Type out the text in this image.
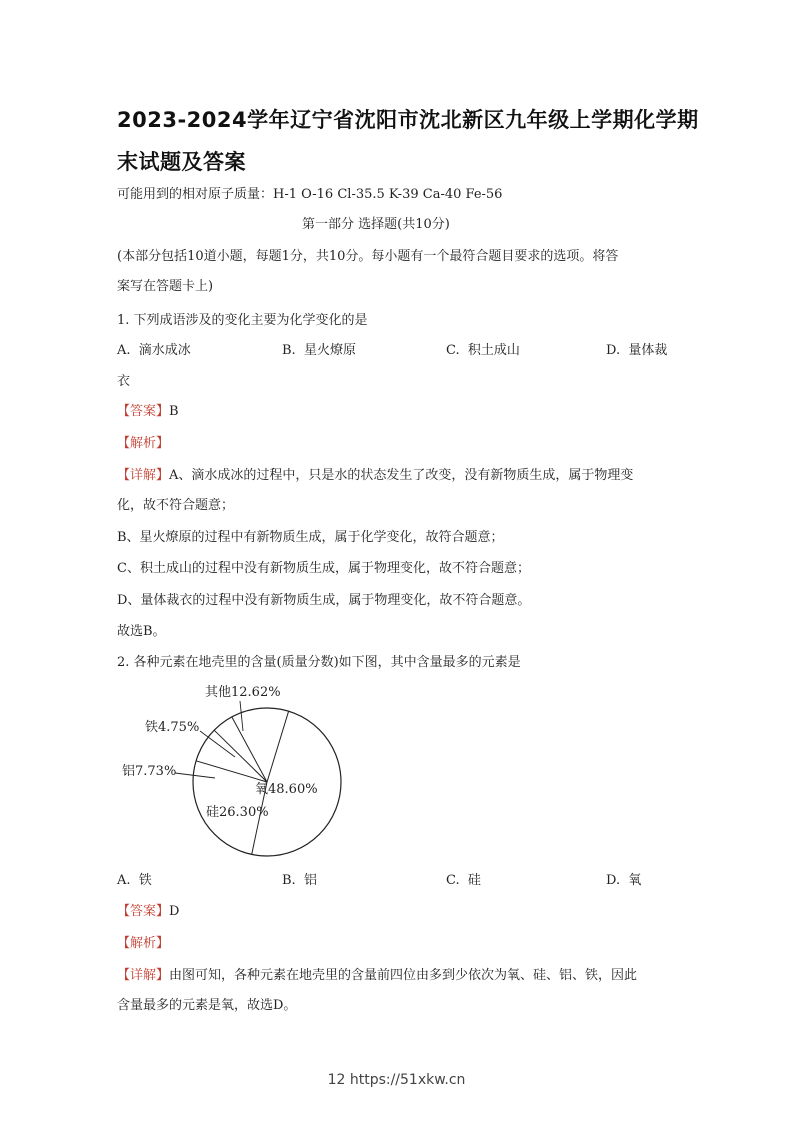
2023-2024学年辽宁省沈阳市沈北新区九年级上学期化学期
末试题及答案
可能用到的相对原子质量：H-1 O-16 Cl-35.5 K-39 Ca-40 Fe-56
第一部分 选择题(共10分)
(本部分包括10道小题，每题1分，共10分。每小题有一个最符合题目要求的选项。将答
案写在答题卡上)
1. 下列成语涉及的变化主要为化学变化的是
A. 滴水成冰	B. 星火燎原	C. 积土成山	D. 量体裁
衣
【答案】B
【解析】
【详解】A、滴水成冰的过程中，只是水的状态发生了改变，没有新物质生成，属于物理变
化，故不符合题意；
B、星火燎原的过程中有新物质生成，属于化学变化，故符合题意；
C、积土成山的过程中没有新物质生成，属于物理变化，故不符合题意；
D、量体裁衣的过程中没有新物质生成，属于物理变化，故不符合题意。
故选B。
2. 各种元素在地壳里的含量(质量分数)如下图，其中含量最多的元素是
氧48.60%
硅26.30%
铝7.73%
铁4.75%
其他12.62%
A. 铁	B. 铝	C. 硅	D. 氧
【答案】D
【解析】
【详解】由图可知，各种元素在地壳里的含量前四位由多到少依次为氧、硅、铝、铁，因此
含量最多的元素是氧，故选D。
12 https://51xkw.cn
